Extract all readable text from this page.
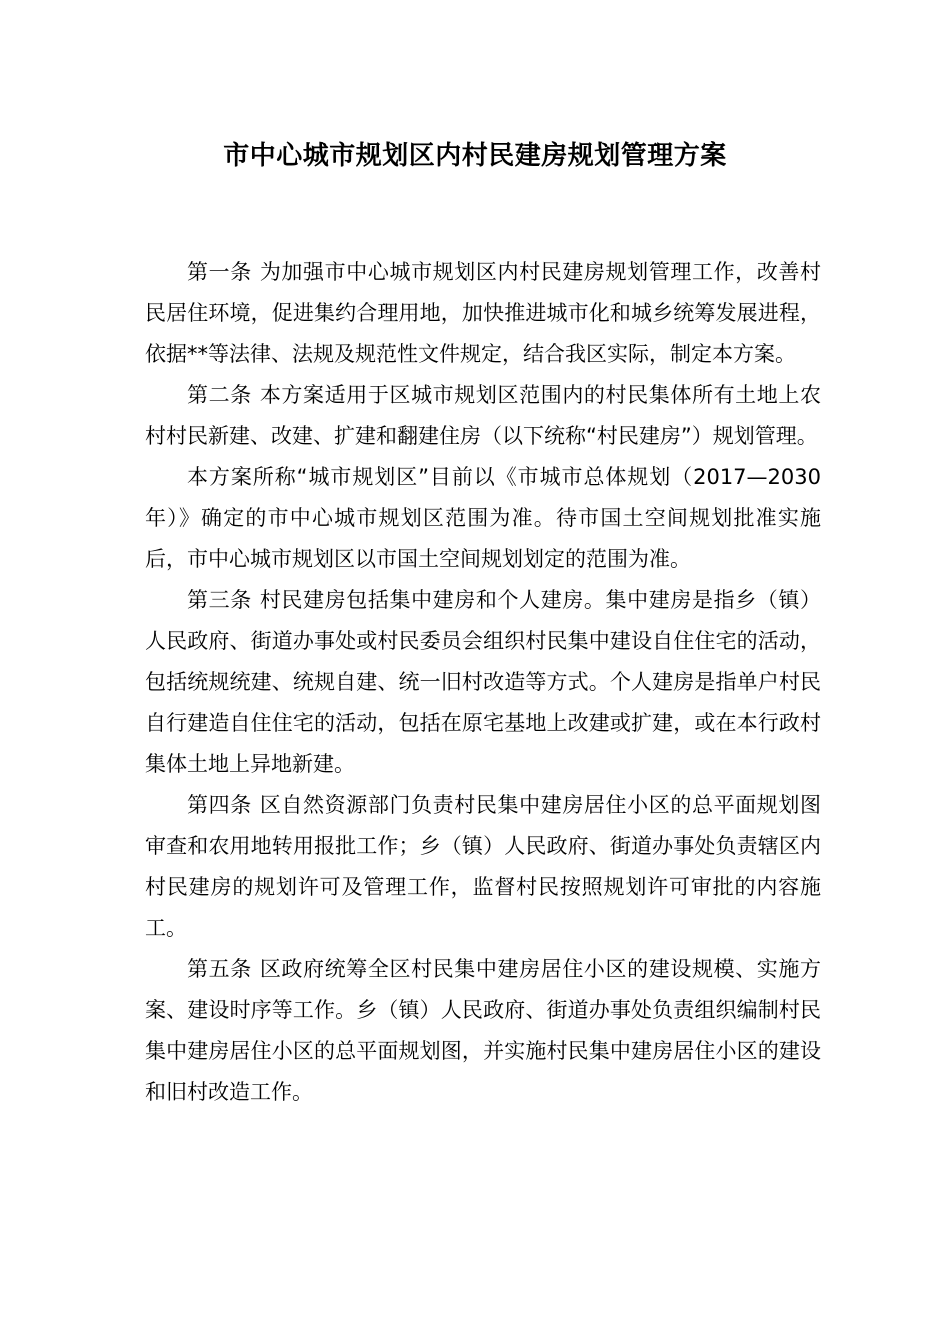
市中心城市规划区内村民建房规划管理方案

第一条 为加强市中心城市规划区内村民建房规划管理工作，改善村民居住环境，促进集约合理用地，加快推进城市化和城乡统筹发展进程，依据**等法律、法规及规范性文件规定，结合我区实际，制定本方案。

第二条 本方案适用于区城市规划区范围内的村民集体所有土地上农村村民新建、改建、扩建和翻建住房（以下统称“村民建房”）规划管理。

本方案所称“城市规划区”目前以《市城市总体规划（2017—2030年）》确定的市中心城市规划区范围为准。待市国土空间规划批准实施后，市中心城市规划区以市国土空间规划划定的范围为准。

第三条 村民建房包括集中建房和个人建房。集中建房是指乡（镇）人民政府、街道办事处或村民委员会组织村民集中建设自住住宅的活动，包括统规统建、统规自建、统一旧村改造等方式。个人建房是指单户村民自行建造自住住宅的活动，包括在原宅基地上改建或扩建，或在本行政村集体土地上异地新建。

第四条 区自然资源部门负责村民集中建房居住小区的总平面规划图审查和农用地转用报批工作；乡（镇）人民政府、街道办事处负责辖区内村民建房的规划许可及管理工作，监督村民按照规划许可审批的内容施工。

第五条 区政府统筹全区村民集中建房居住小区的建设规模、实施方案、建设时序等工作。乡（镇）人民政府、街道办事处负责组织编制村民集中建房居住小区的总平面规划图，并实施村民集中建房居住小区的建设和旧村改造工作。
